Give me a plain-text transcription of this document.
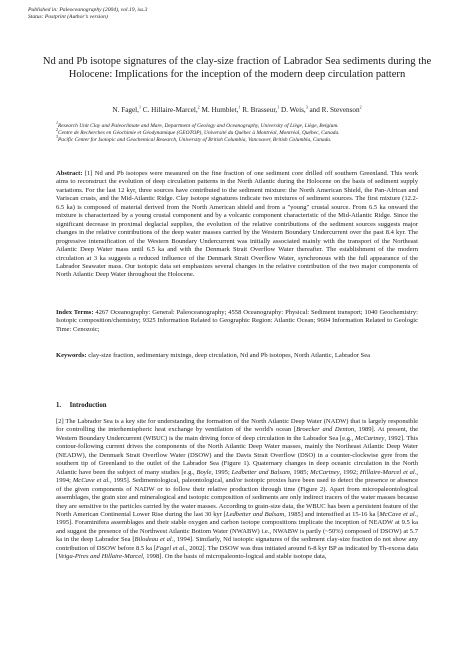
Published in: Paleoceanography (2004), vol.19, iss.3
Status: Postprint (Author’s version)
Nd and Pb isotope signatures of the clay-size fraction of Labrador Sea sediments during the Holocene: Implications for the inception of the modern deep circulation pattern
N. Fagel,$^1$ C. Hillaire-Marcel,$^2$ M. Humblet,$^1$ R. Brasseur,$^1$ D. Weis,$^3$ and R. Stevenson$^2$
$^1$Research Unit Clay and Paleoclimate and Mare, Department of Geology and Oceanography, University of Liège, Liège, Belgium.
$^2$Centre de Recherches en Géochimie et Géodynamique (GEOTOP), Université du Québec à Montréal, Montréal, Québec, Canada.
$^3$Pacific Center for Isotopic and Geochemical Research, University of British Columbia, Vancouver, British Columbia, Canada.
Abstract: [1] Nd and Pb isotopes were measured on the fine fraction of one sediment core drilled off southern Greenland. This work aims to reconstruct the evolution of deep circulation patterns in the North Atlantic during the Holocene on the basis of sediment supply variations. For the last 12 kyr, three sources have contributed to the sediment mixture: the North American Shield, the Pan-African and Variscan crusts, and the Mid-Atlantic Ridge. Clay isotope signatures indicate two mixtures of sediment sources. The first mixture (12.2-6.5 ka) is composed of material derived from the North American shield and from a "young" crustal source. From 6.5 ka onward the mixture is characterized by a young crustal component and by a volcanic component characteristic of the Mid-Atlantic Ridge. Since the significant decrease in proximal deglacial supplies, the evolution of the relative contributions of the sediment sources suggests major changes in the relative contributions of the deep water masses carried by the Western Boundary Undercurrent over the past 8.4 kyr. The progressive intensification of the Western Boundary Undercurrent was initially associated mainly with the transport of the Northeast Atlantic Deep Water mass until 6.5 ka and with the Denmark Strait Overflow Water thereafter. The establishment of the modern circulation at 3 ka suggests a reduced influence of the Denmark Strait Overflow Water, synchronous with the full appearance of the Labrador Seawater mass. Our isotopic data set emphasizes several changes in the relative contribution of the two major components of North Atlantic Deep Water throughout the Holocene.
Index Terms: 4267 Oceanography: General: Paleoceanography; 4558 Oceanography: Physical: Sediment transport; 1040 Geochemistry: Isotopic composition/chemistry; 9325 Information Related to Geographic Region: Atlantic Ocean; 9604 Information Related to Geologic Time: Cenozoic;
Keywords: clay-size fraction, sedimentary mixings, deep circulation, Nd and Pb isotopes, North Atlantic, Labrador Sea
1. Introduction
[2] The Labrador Sea is a key site for understanding the formation of the North Atlantic Deep Water (NADW) that is largely responsible for controlling the interhemispheric heat exchange by ventilation of the world's ocean [Broecker and Denton, 1989]. At present, the Western Boundary Undercurrent (WBUC) is the main driving force of deep circulation in the Labrador Sea [e.g., McCartney, 1992]. This contour-following current drives the components of the North Atlantic Deep Water masses, mainly the Northeast Atlantic Deep Water (NEADW), the Denmark Strait Overflow Water (DSOW) and the Davis Strait Overflow (DSO) in a counter-clockwise gyre from the southern tip of Greenland to the outlet of the Labrador Sea (Figure 1). Quaternary changes in deep oceanic circulation in the North Atlantic have been the subject of many studies [e.g., Boyle, 1995; Ledbetter and Balsam, 1985; McCartney, 1992; Hillaire-Marcel et al., 1994; McCave et al., 1995]. Sedimentological, paleontological, and/or isotopic proxies have been used to detect the presence or absence of the given components of NADW or to follow their relative production through time (Figure 2). Apart from micropaleontological assemblages, the grain size and mineralogical and isotopic composition of sediments are only indirect tracers of the water masses because they are sensitive to the particles carried by the water masses. According to grain-size data, the WBUC has been a persistent feature of the North American Continental Lower Rise during the last 30 kyr [Ledbetter and Balsam, 1985] and intensified at 15-16 ka [McCave et al., 1995]. Foraminifera assemblages and their stable oxygen and carbon isotope compositions implicate the inception of NEADW at 9.5 ka and suggest the presence of the Northwest Atlantic Bottom Water (NWABW) i.e., NWABW is partly (~50%) composed of DSOW) at 5.7 ka in the deep Labrador Sea [Bilodeau et al., 1994]. Similarly, Nd isotopic signatures of the sediment clay-size fraction do not show any contribution of DSOW before 8.5 ka [Fagel et al., 2002]. The DSOW was thus initiated around 6-8 kyr BP as indicated by Th-excess data [Veiga-Pires and Hillaire-Marcel, 1998]. On the basis of micropaleonto-logical and stable isotope data,
